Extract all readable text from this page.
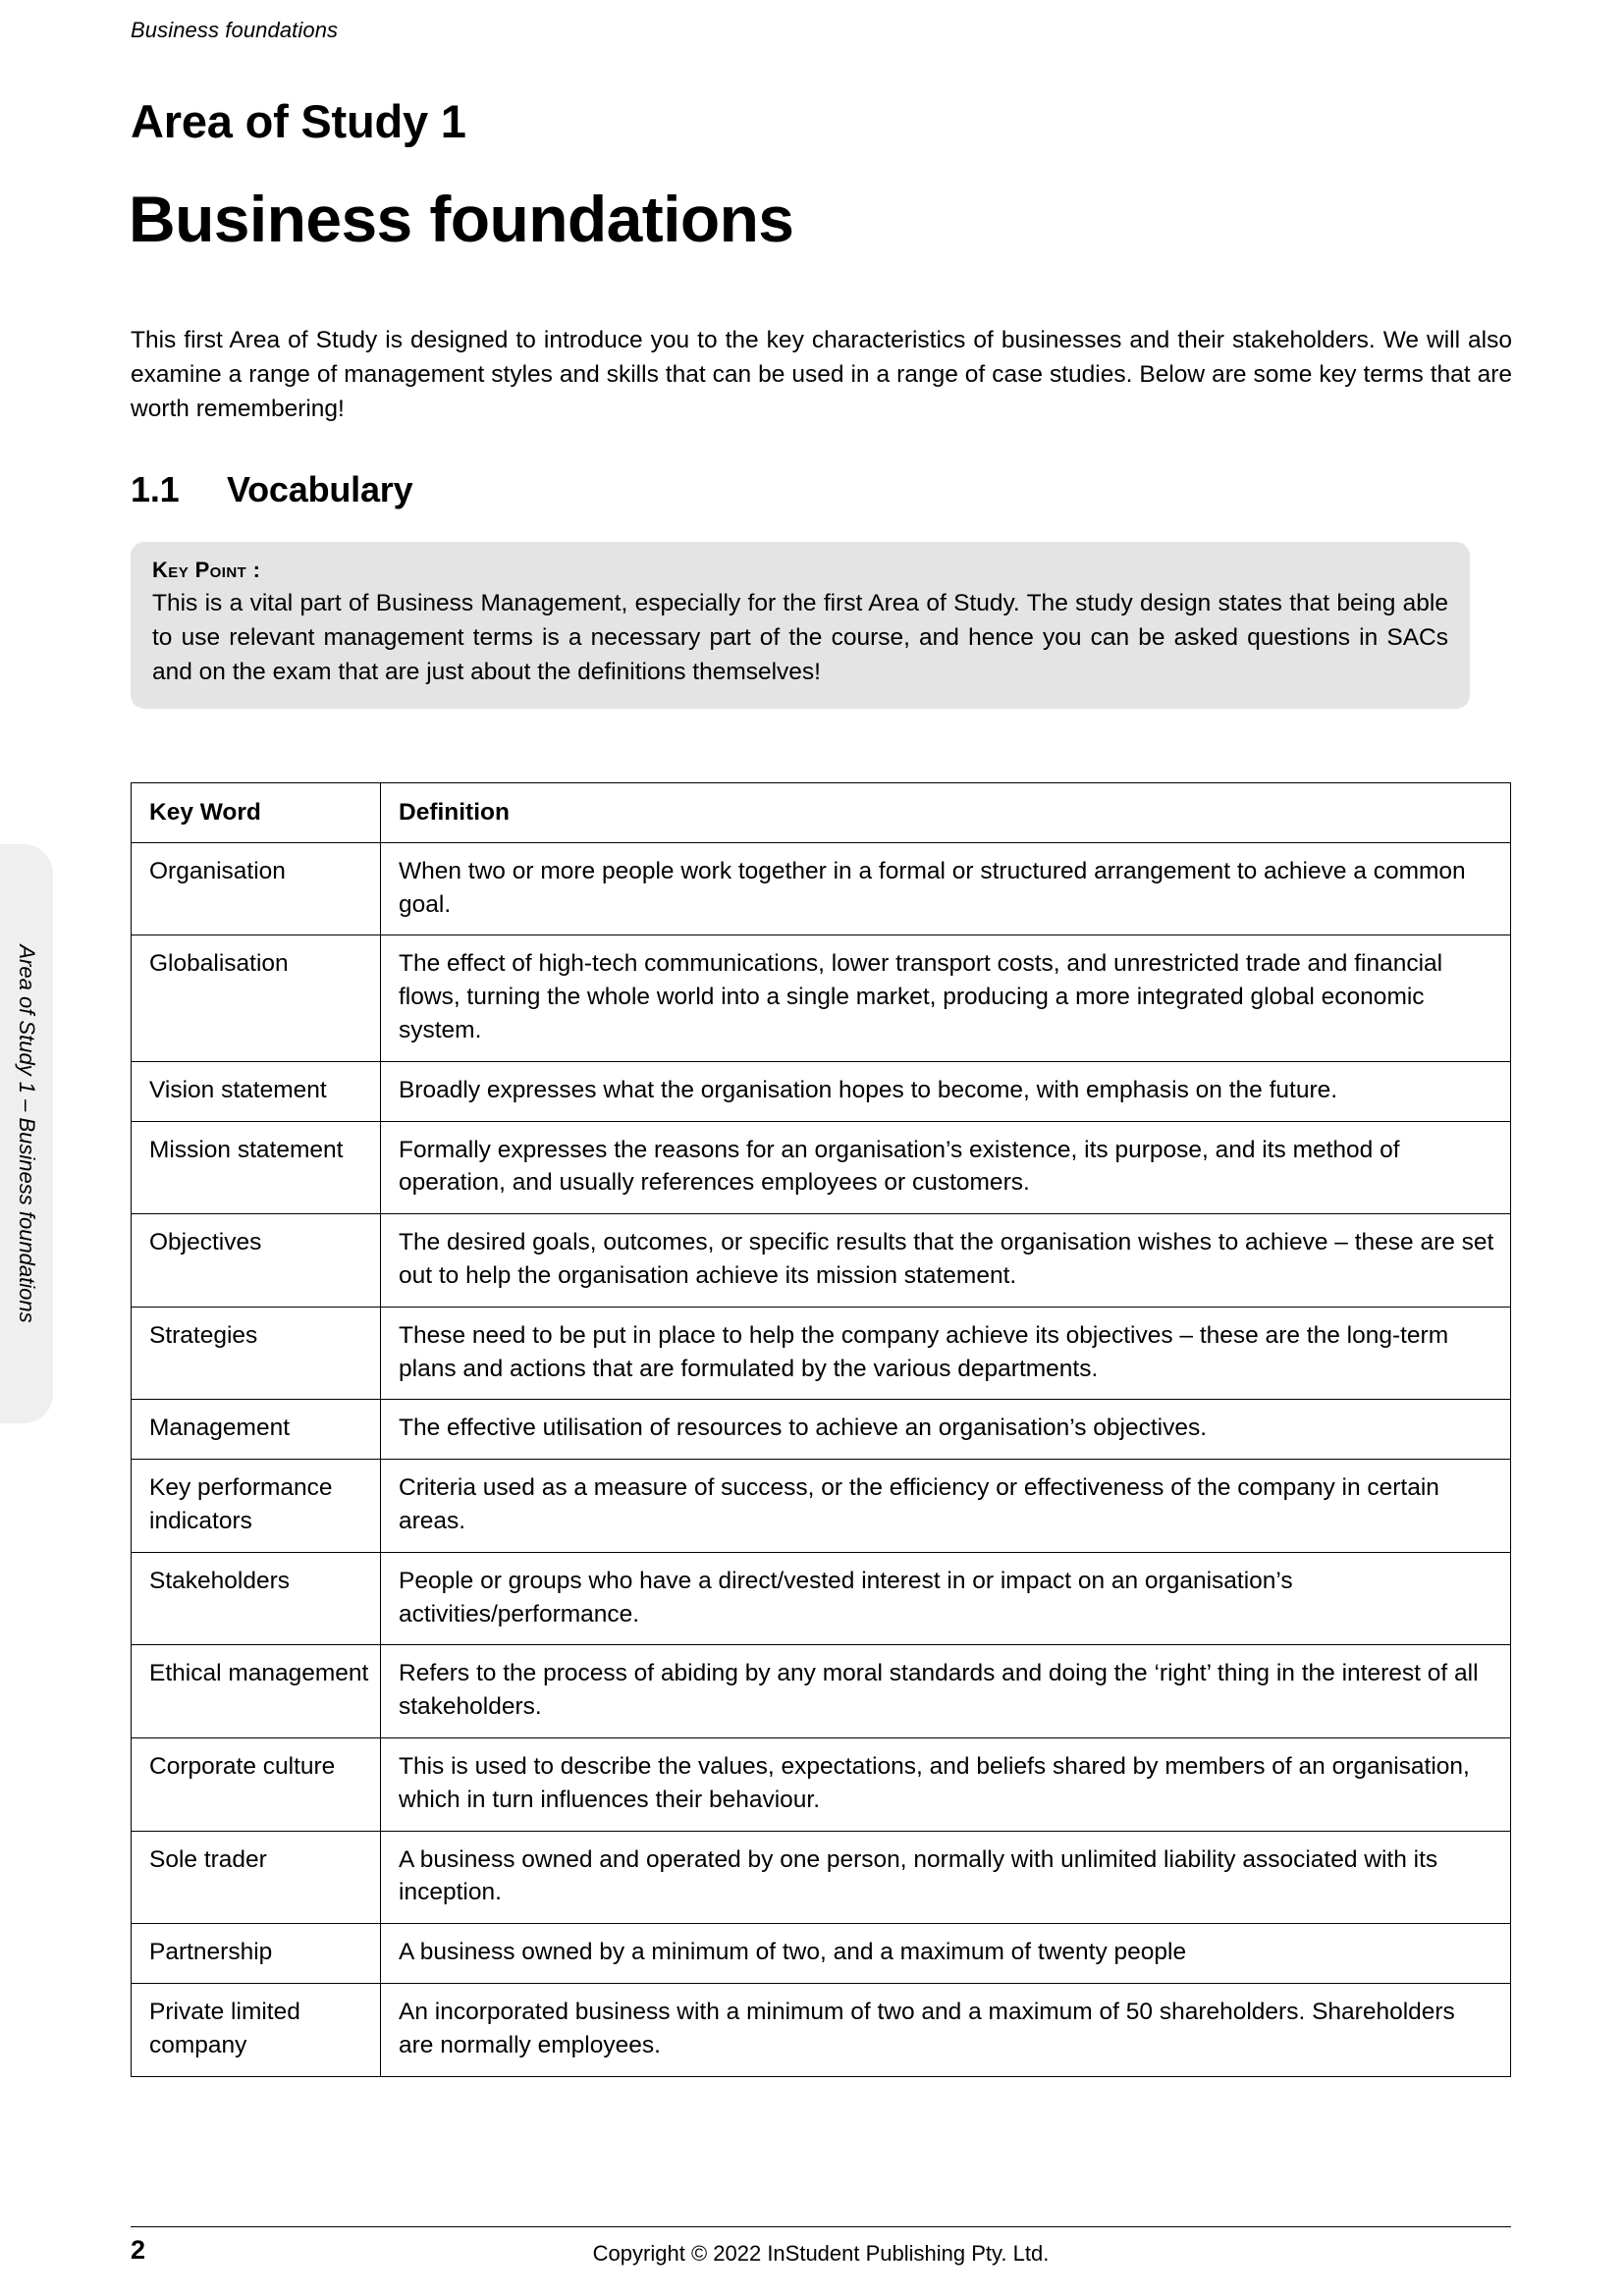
Business foundations
Area of Study 1 – Business foundations
Area of Study 1
Business foundations

This first Area of Study is designed to introduce you to the key characteristics of businesses and their stakeholders. We will also examine a range of management styles and skills that can be used in a range of case studies. Below are some key terms that are worth remembering!

1.1 Vocabulary
Key Point :
This is a vital part of Business Management, especially for the first Area of Study. The study design states that being able to use relevant management terms is a necessary part of the course, and hence you can be asked questions in SACs and on the exam that are just about the definitions themselves!
Key Word	Definition
Organisation	When two or more people work together in a formal or structured arrangement to achieve a common goal.
Globalisation	The effect of high-tech communications, lower transport costs, and unrestricted trade and financial flows, turning the whole world into a single market, producing a more integrated global economic system.
Vision statement	Broadly expresses what the organisation hopes to become, with emphasis on the future.
Mission statement	Formally expresses the reasons for an organisation’s existence, its purpose, and its method of operation, and usually references employees or customers.
Objectives	The desired goals, outcomes, or specific results that the organisation wishes to achieve – these are set out to help the organisation achieve its mission statement.
Strategies	These need to be put in place to help the company achieve its objectives – these are the long-term plans and actions that are formulated by the various departments.
Management	The effective utilisation of resources to achieve an organisation’s objectives.
Key performance indicators	Criteria used as a measure of success, or the efficiency or effectiveness of the company in certain areas.
Stakeholders	People or groups who have a direct/vested interest in or impact on an organisation’s activities/performance.
Ethical management	Refers to the process of abiding by any moral standards and doing the ‘right’ thing in the interest of all stakeholders.
Corporate culture	This is used to describe the values, expectations, and beliefs shared by members of an organisation, which in turn influences their behaviour.
Sole trader	A business owned and operated by one person, normally with unlimited liability associated with its inception.
Partnership	A business owned by a minimum of two, and a maximum of twenty people
Private limited company	An incorporated business with a minimum of two and a maximum of 50 shareholders. Shareholders are normally employees.
2	Copyright © 2022 InStudent Publishing Pty. Ltd.
